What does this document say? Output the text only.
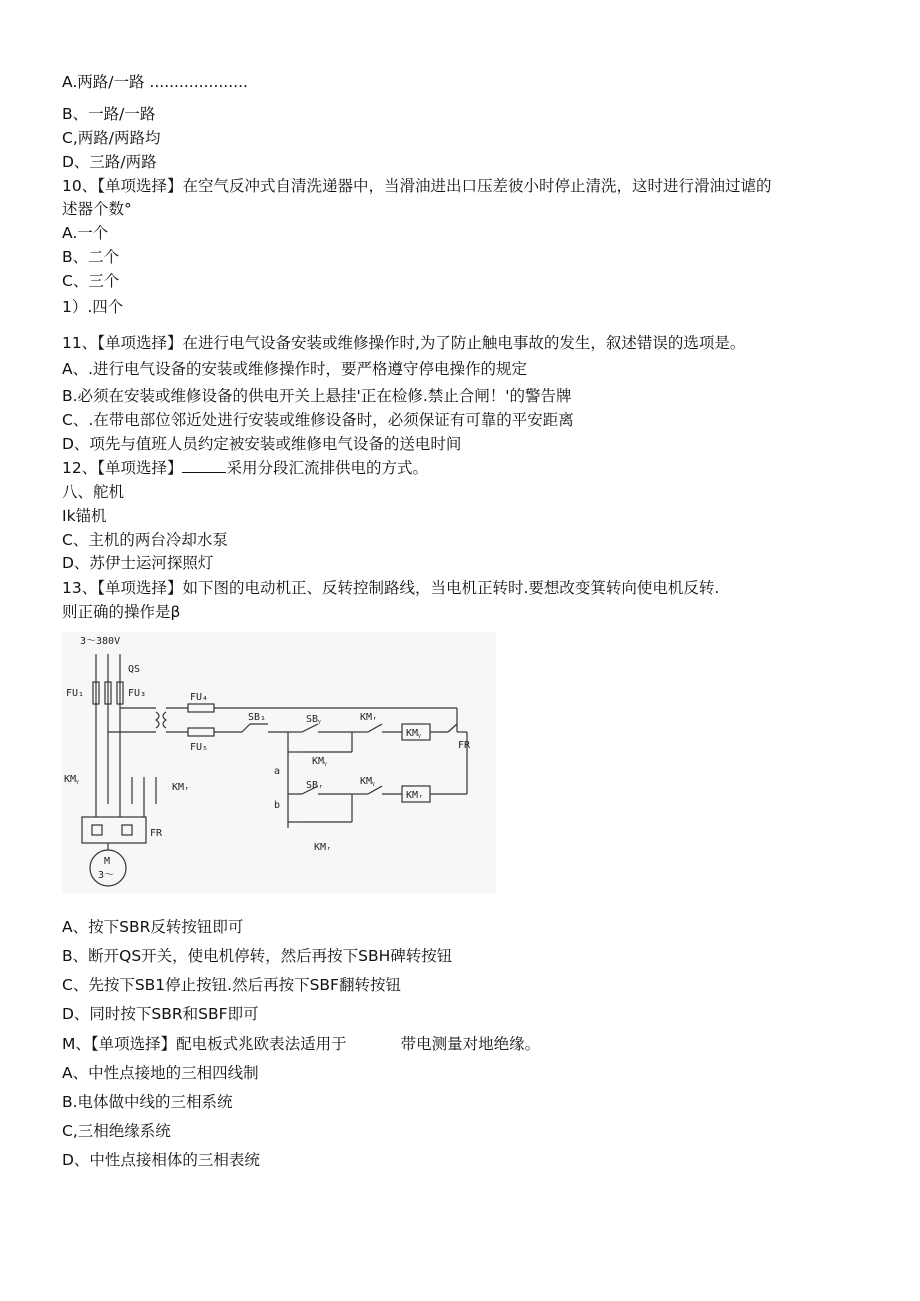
A.两路/一路 ....................
B、一路/一路
C,两路/两路均
D、三路/两路
10、【单项选择】在空气反冲式自清洗递器中，当滑油进出口压差彼小时停止清洗，这时进行滑油过谑的
述器个数°
A.一个
B、二个
C、三个
1）.四个
11、【单项选择】在进行电气设备安装或维修操作时,为了防止触电事故的发生，叙述错误的选项是。
A、.进行电气设备的安装或维修操作时，要严格遵守停电操作的规定
B.必须在安装或维修设备的供电开关上悬挂'正在检修.禁止合闸！'的警告牌
C、.在带电部位邻近处进行安装或维修设备时，必须保证有可靠的平安距离
D、项先与值班人员约定被安装或维修电气设备的送电时间
12、【单项选择】	采用分段汇流排供电的方式。
八、舵机
Ik锚机
C、主机的两台冷却水泵
D、苏伊士运河探照灯
13、【单项选择】如下图的电动机正、反转控制路线，当电机正转时.要想改变箕转向使电机反转.
则正确的操作是β
3～380V
QS
FU₁	FU₃	FU₄
FU₅
SB₁	SBᵧ
SBᵣ
KMᵣ
KMᵧ
KMᵣ
FR
KMᵧ
KMᵧ
KMᵣ
a
b
KMᵧ
KMᵣ
FR
M
3～
A、按下SBR反转按钮即可
B、断开QS开关，使电机停转，然后再按下SBH碑转按钮
C、先按下SB1停止按钮.然后再按下SBF翻转按钮
D、同时按下SBR和SBF即可
M、【单项选择】配电板式兆欧表法适用于	带电测量对地绝缘。
A、中性点接地的三相四线制
B.电体做中线的三相系统
C,三相绝缘系统
D、中性点接相体的三相表统
